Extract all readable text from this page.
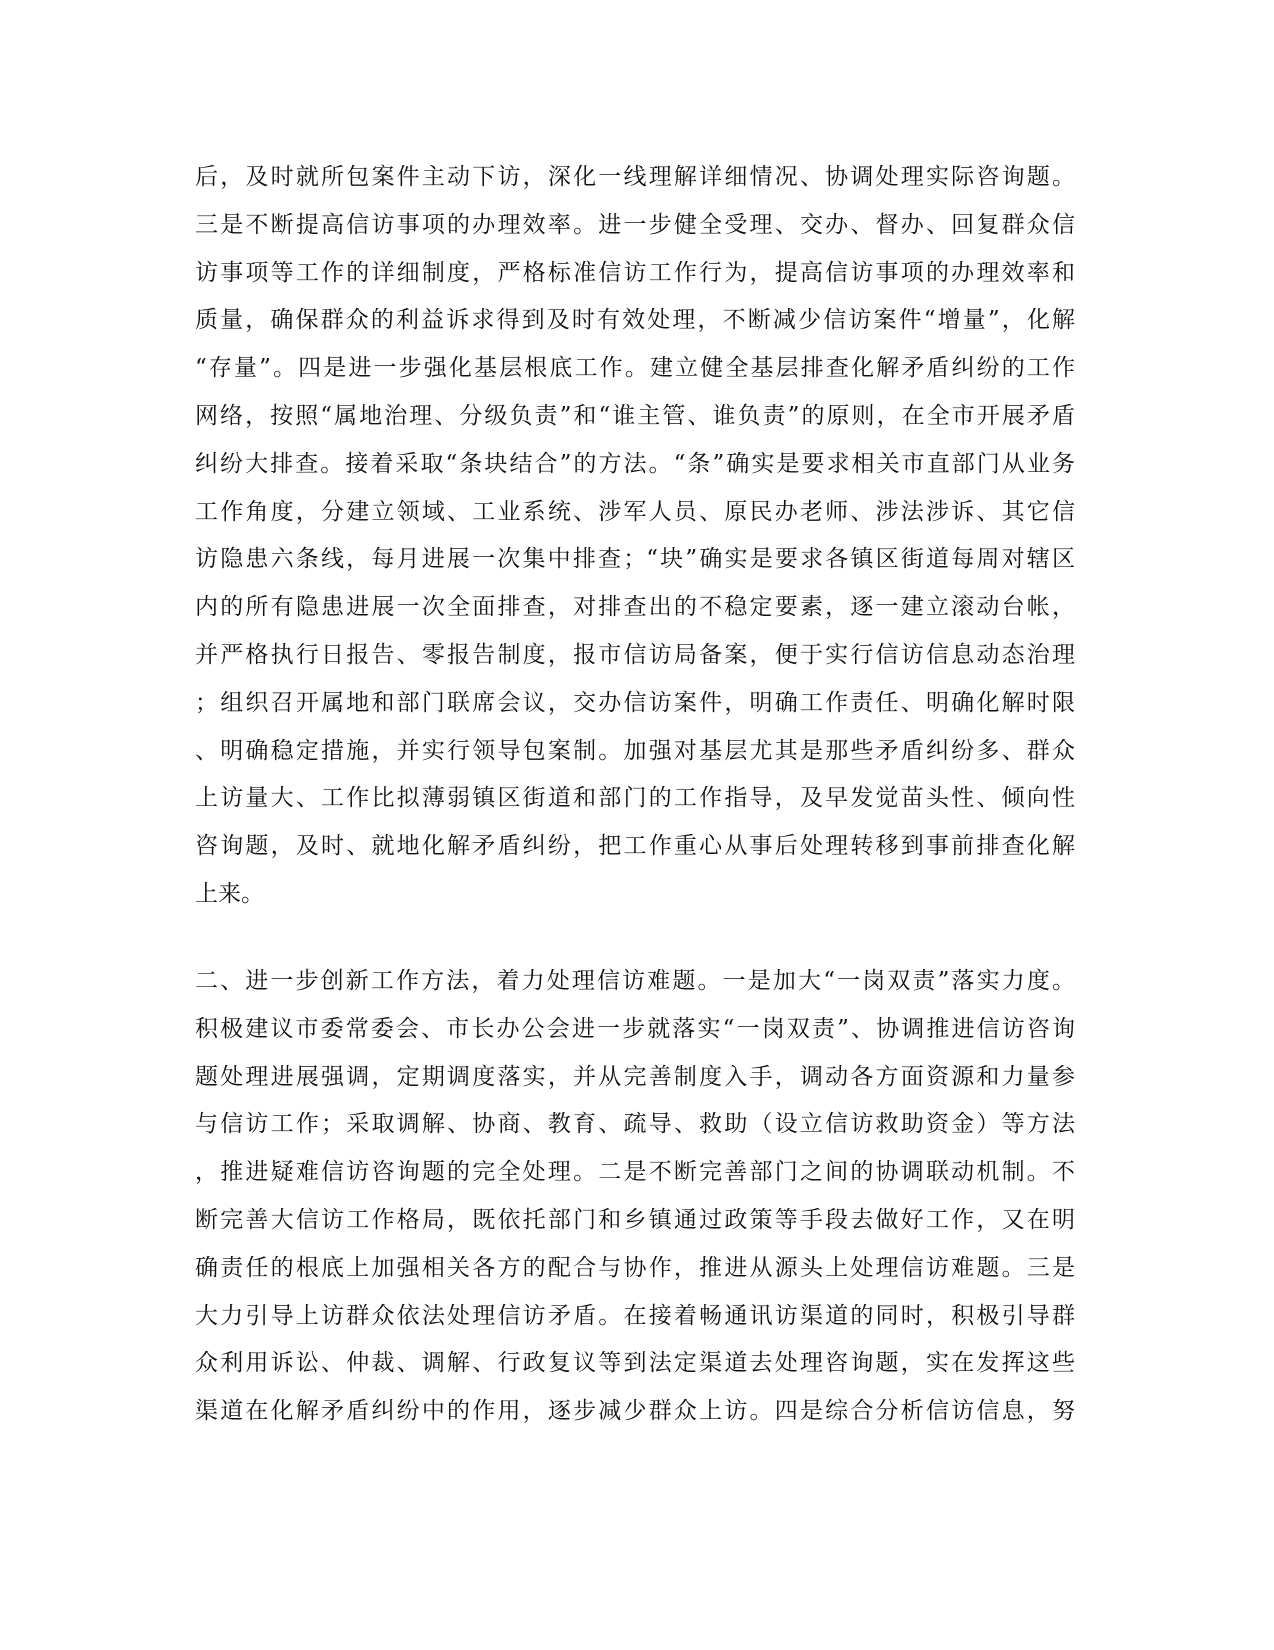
后，及时就所包案件主动下访，深化一线理解详细情况、协调处理实际咨询题。
三是不断提高信访事项的办理效率。进一步健全受理、交办、督办、回复群众信
访事项等工作的详细制度，严格标准信访工作行为，提高信访事项的办理效率和
质量，确保群众的利益诉求得到及时有效处理，不断减少信访案件“增量”，化解
“存量”。四是进一步强化基层根底工作。建立健全基层排查化解矛盾纠纷的工作
网络，按照“属地治理、分级负责”和“谁主管、谁负责”的原则，在全市开展矛盾
纠纷大排查。接着采取“条块结合”的方法。“条”确实是要求相关市直部门从业务
工作角度，分建立领域、工业系统、涉军人员、原民办老师、涉法涉诉、其它信
访隐患六条线，每月进展一次集中排查；“块”确实是要求各镇区街道每周对辖区
内的所有隐患进展一次全面排查，对排查出的不稳定要素，逐一建立滚动台帐，
并严格执行日报告、零报告制度，报市信访局备案，便于实行信访信息动态治理
；组织召开属地和部门联席会议，交办信访案件，明确工作责任、明确化解时限
、明确稳定措施，并实行领导包案制。加强对基层尤其是那些矛盾纠纷多、群众
上访量大、工作比拟薄弱镇区街道和部门的工作指导，及早发觉苗头性、倾向性
咨询题，及时、就地化解矛盾纠纷，把工作重心从事后处理转移到事前排查化解
上来。
二、进一步创新工作方法，着力处理信访难题。一是加大“一岗双责”落实力度。
积极建议市委常委会、市长办公会进一步就落实“一岗双责”、协调推进信访咨询
题处理进展强调，定期调度落实，并从完善制度入手，调动各方面资源和力量参
与信访工作；采取调解、协商、教育、疏导、救助（设立信访救助资金）等方法
，推进疑难信访咨询题的完全处理。二是不断完善部门之间的协调联动机制。不
断完善大信访工作格局，既依托部门和乡镇通过政策等手段去做好工作，又在明
确责任的根底上加强相关各方的配合与协作，推进从源头上处理信访难题。三是
大力引导上访群众依法处理信访矛盾。在接着畅通讯访渠道的同时，积极引导群
众利用诉讼、仲裁、调解、行政复议等到法定渠道去处理咨询题，实在发挥这些
渠道在化解矛盾纠纷中的作用，逐步减少群众上访。四是综合分析信访信息，努
